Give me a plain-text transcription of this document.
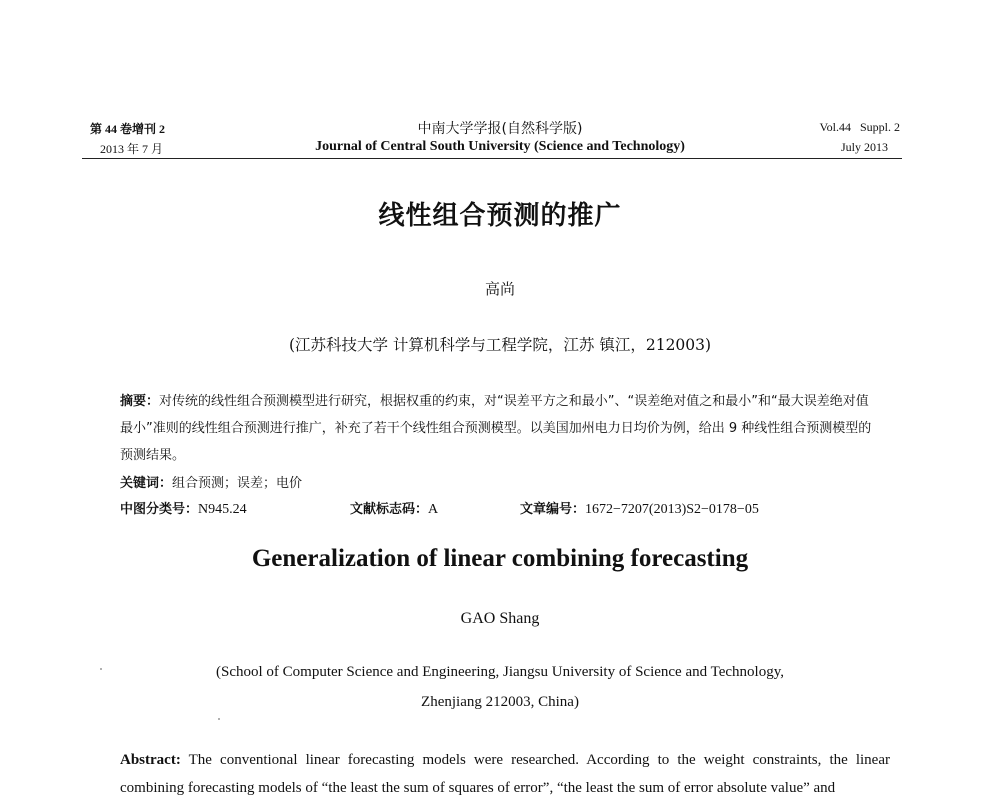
第 44 卷增刊 2
2013 年 7 月
中南大学学报(自然科学版)
Journal of Central South University (Science and Technology)
Vol.44   Suppl. 2
July 2013
线性组合预测的推广
高尚
(江苏科技大学 计算机科学与工程学院，江苏 镇江，212003)
摘要：对传统的线性组合预测模型进行研究，根据权重的约束，对“误差平方之和最小”、“误差绝对值之和最小”和“最大误差绝对值最小”准则的线性组合预测进行推广，补充了若干个线性组合预测模型。以美国加州电力日均价为例，给出 9 种线性组合预测模型的预测结果。
关键词：组合预测；误差；电价
中图分类号：N945.24	文献标志码：A	文章编号：1672−7207(2013)S2−0178−05
Generalization of linear combining forecasting
GAO Shang
(School of Computer Science and Engineering, Jiangsu University of Science and Technology,
Zhenjiang 212003, China)
Abstract: The conventional linear forecasting models were researched. According to the weight constraints, the linear combining forecasting models of “the least the sum of squares of error”, “the least the sum of error absolute value” and
